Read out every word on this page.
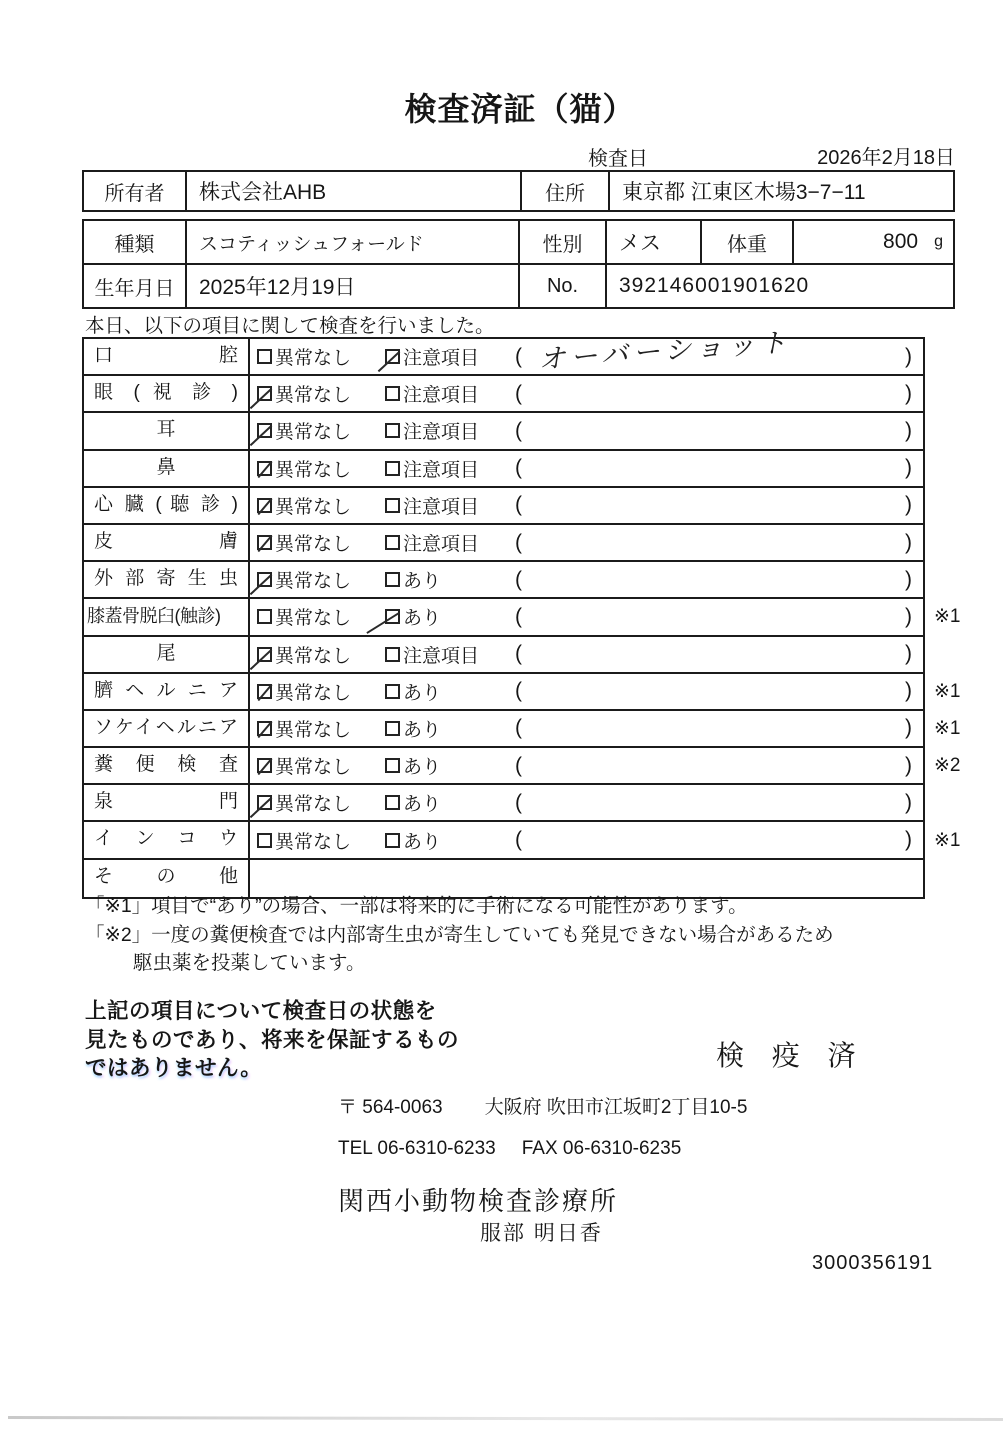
検査済証（猫）
検査日	2026年2月18日
所有者	株式会社AHB	住所	東京都 江東区木場3−7−11
種類	スコティッシュフォールド	性別	メス	体重	800 g
生年月日	2025年12月19日	No.	392146001901620
本日、以下の項目に関して検査を行いました。
口 腔	異常なし	注意項目 ( オーバーショット	)
眼 ( 視 診 )	異常なし	注意項目 (	)
耳	異常なし	注意項目 (	)
鼻	異常なし	注意項目 (	)
心 臓 ( 聴 診 )	異常なし	注意項目 (	)
皮 膚	異常なし	注意項目 (	)
外 部 寄 生 虫	異常なし	あり	(	)
膝蓋骨脱臼(触診)	異常なし	あり	(	) ※1
尾	異常なし	注意項目 (	)
臍 ヘ ル ニ ア	異常なし	あり	(	) ※1
ソケイヘルニア	異常なし	あり	(	) ※1
糞 便 検 査	異常なし	あり	(	) ※2
泉 門	異常なし	あり	(	)
イ ン コ ウ	異常なし	あり	(	) ※1
そ の 他
「※1」項目で“あり”の場合、一部は将来的に手術になる可能性があります。
「※2」一度の糞便検査では内部寄生虫が寄生していても発見できない場合があるため
駆虫薬を投薬しています。
上記の項目について検査日の状態を
見たものであり、将来を保証するもの
ではありません。	検 疫 済
〒 564-0063 大阪府 吹田市江坂町2丁目10-5
TEL 06-6310-6233 FAX 06-6310-6235
関西小動物検査診療所
服部 明日香
3000356191
